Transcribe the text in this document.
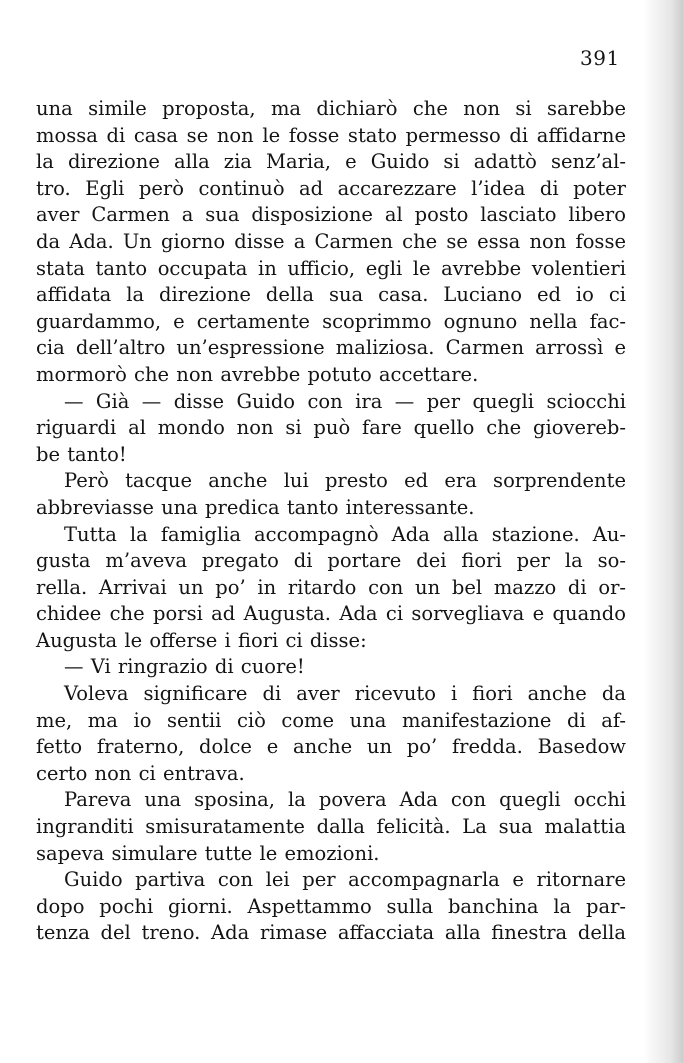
391
una simile proposta, ma dichiarò che non si sarebbe
mossa di casa se non le fosse stato permesso di affidarne
la direzione alla zia Maria, e Guido si adattò senz’al-
tro. Egli però continuò ad accarezzare l’idea di poter
aver Carmen a sua disposizione al posto lasciato libero
da Ada. Un giorno disse a Carmen che se essa non fosse
stata tanto occupata in ufficio, egli le avrebbe volentieri
affidata la direzione della sua casa. Luciano ed io ci
guardammo, e certamente scoprimmo ognuno nella fac-
cia dell’altro un’espressione maliziosa. Carmen arrossì e
mormorò che non avrebbe potuto accettare.
— Già — disse Guido con ira — per quegli sciocchi
riguardi al mondo non si può fare quello che giovereb-
be tanto!
Però tacque anche lui presto ed era sorprendente
abbreviasse una predica tanto interessante.
Tutta la famiglia accompagnò Ada alla stazione. Au-
gusta m’aveva pregato di portare dei fiori per la so-
rella. Arrivai un po’ in ritardo con un bel mazzo di or-
chidee che porsi ad Augusta. Ada ci sorvegliava e quando
Augusta le offerse i fiori ci disse:
— Vi ringrazio di cuore!
Voleva significare di aver ricevuto i fiori anche da
me, ma io sentii ciò come una manifestazione di af-
fetto fraterno, dolce e anche un po’ fredda. Basedow
certo non ci entrava.
Pareva una sposina, la povera Ada con quegli occhi
ingranditi smisuratamente dalla felicità. La sua malattia
sapeva simulare tutte le emozioni.
Guido partiva con lei per accompagnarla e ritornare
dopo pochi giorni. Aspettammo sulla banchina la par-
tenza del treno. Ada rimase affacciata alla finestra della
